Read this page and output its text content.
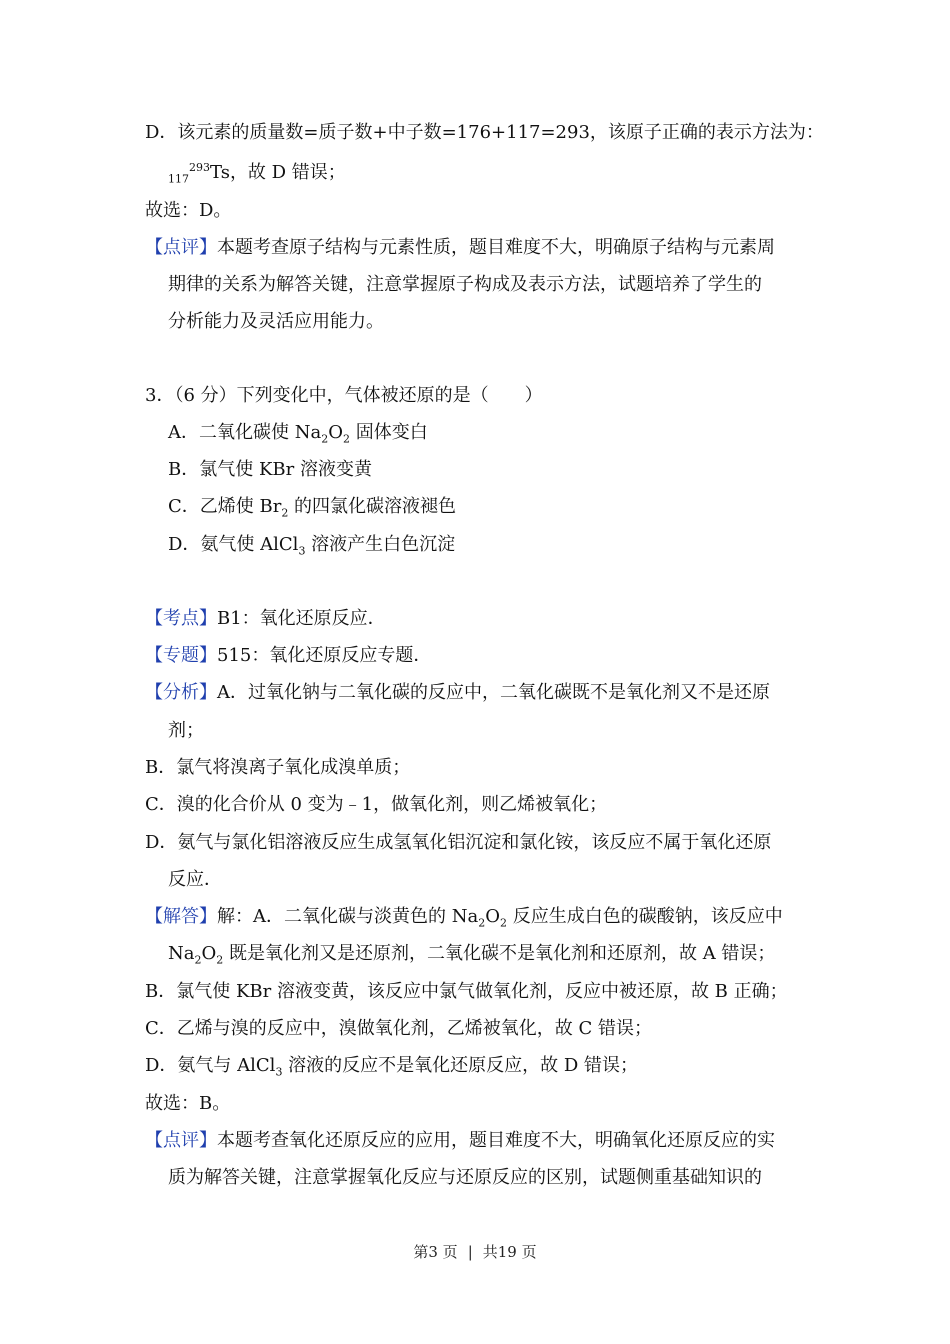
D．该元素的质量数=质子数+中子数=176+117=293，该原子正确的表示方法为：
$_{117}^{293}$Ts，故 D 错误；
故选：D。
【点评】本题考查原子结构与元素性质，题目难度不大，明确原子结构与元素周
期律的关系为解答关键，注意掌握原子构成及表示方法，试题培养了学生的
分析能力及灵活应用能力。
3．（6 分）下列变化中，气体被还原的是（　　）
A．二氧化碳使 $Na_2O_2$ 固体变白
B．氯气使 KBr 溶液变黄
C．乙烯使 $Br_2$ 的四氯化碳溶液褪色
D．氨气使 AlCl$_3$ 溶液产生白色沉淀
【考点】B1：氧化还原反应．
【专题】515：氧化还原反应专题．
【分析】A．过氧化钠与二氧化碳的反应中，二氧化碳既不是氧化剂又不是还原
剂；
B．氯气将溴离子氧化成溴单质；
C．溴的化合价从 0 变为﹣1，做氧化剂，则乙烯被氧化；
D．氨气与氯化铝溶液反应生成氢氧化铝沉淀和氯化铵，该反应不属于氧化还原
反应．
【解答】解：A．二氧化碳与淡黄色的 $Na_2O_2$ 反应生成白色的碳酸钠，该反应中
$Na_2O_2$ 既是氧化剂又是还原剂，二氧化碳不是氧化剂和还原剂，故 A 错误；
B．氯气使 KBr 溶液变黄，该反应中氯气做氧化剂，反应中被还原，故 B 正确；
C．乙烯与溴的反应中，溴做氧化剂，乙烯被氧化，故 C 错误；
D．氨气与 AlCl$_3$ 溶液的反应不是氧化还原反应，故 D 错误；
故选：B。
【点评】本题考查氧化还原反应的应用，题目难度不大，明确氧化还原反应的实
质为解答关键，注意掌握氧化反应与还原反应的区别，试题侧重基础知识的
第3 页 | 共19 页
